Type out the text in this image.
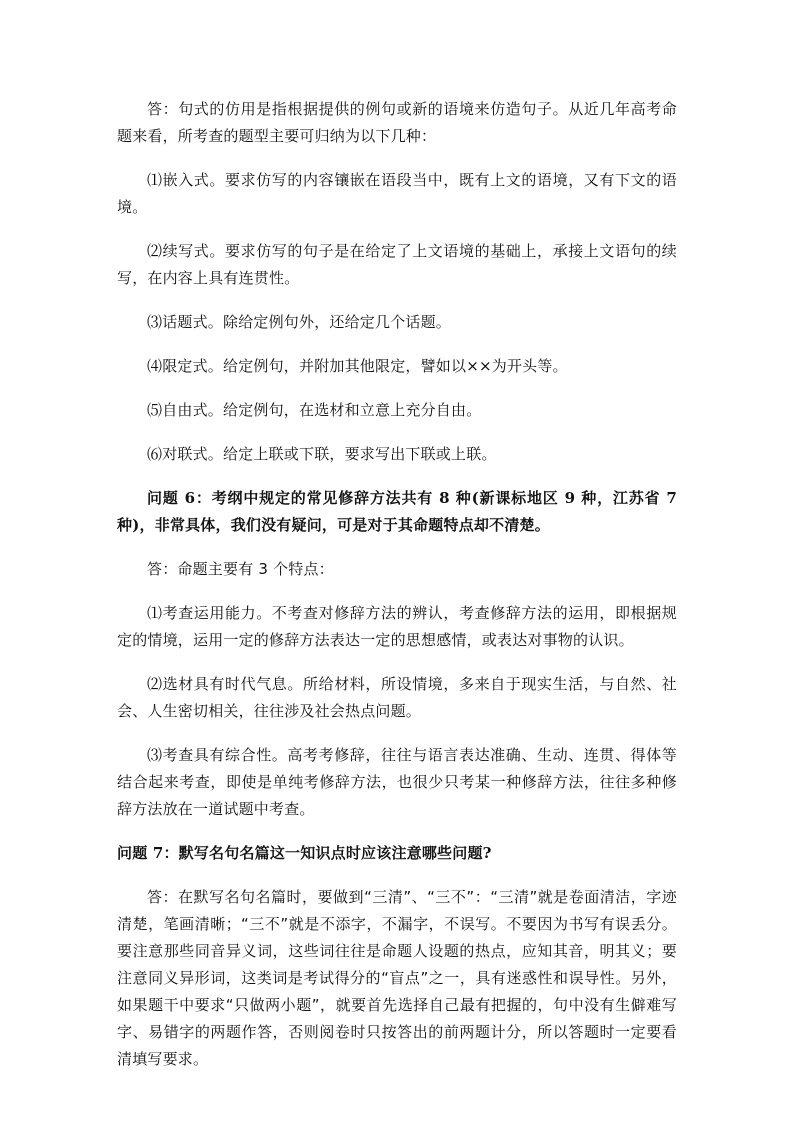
答：句式的仿用是指根据提供的例句或新的语境来仿造句子。从近几年高考命题来看，所考查的题型主要可归纳为以下几种：

⑴嵌入式。要求仿写的内容镶嵌在语段当中，既有上文的语境，又有下文的语境。

⑵续写式。要求仿写的句子是在给定了上文语境的基础上，承接上文语句的续写，在内容上具有连贯性。

⑶话题式。除给定例句外，还给定几个话题。

⑷限定式。给定例句，并附加其他限定，譬如以××为开头等。

⑸自由式。给定例句，在选材和立意上充分自由。

⑹对联式。给定上联或下联，要求写出下联或上联。

问题 6：考纲中规定的常见修辞方法共有 8 种(新课标地区 9 种，江苏省 7 种)，非常具体，我们没有疑问，可是对于其命题特点却不清楚。

答：命题主要有 3 个特点：

⑴考查运用能力。不考查对修辞方法的辨认，考查修辞方法的运用，即根据规定的情境，运用一定的修辞方法表达一定的思想感情，或表达对事物的认识。

⑵选材具有时代气息。所给材料，所设情境，多来自于现实生活，与自然、社会、人生密切相关，往往涉及社会热点问题。

⑶考查具有综合性。高考考修辞，往往与语言表达准确、生动、连贯、得体等结合起来考查，即使是单纯考修辞方法，也很少只考某一种修辞方法，往往多种修辞方法放在一道试题中考查。

问题 7：默写名句名篇这一知识点时应该注意哪些问题?

答：在默写名句名篇时，要做到“三清”、“三不”：“三清”就是卷面清洁，字迹清楚，笔画清晰；“三不”就是不添字，不漏字，不误写。不要因为书写有误丢分。要注意那些同音异义词，这些词往往是命题人设题的热点，应知其音，明其义；要注意同义异形词，这类词是考试得分的“盲点”之一，具有迷惑性和误导性。另外，如果题干中要求“只做两小题”，就要首先选择自己最有把握的，句中没有生僻难写字、易错字的两题作答，否则阅卷时只按答出的前两题计分，所以答题时一定要看清填写要求。
